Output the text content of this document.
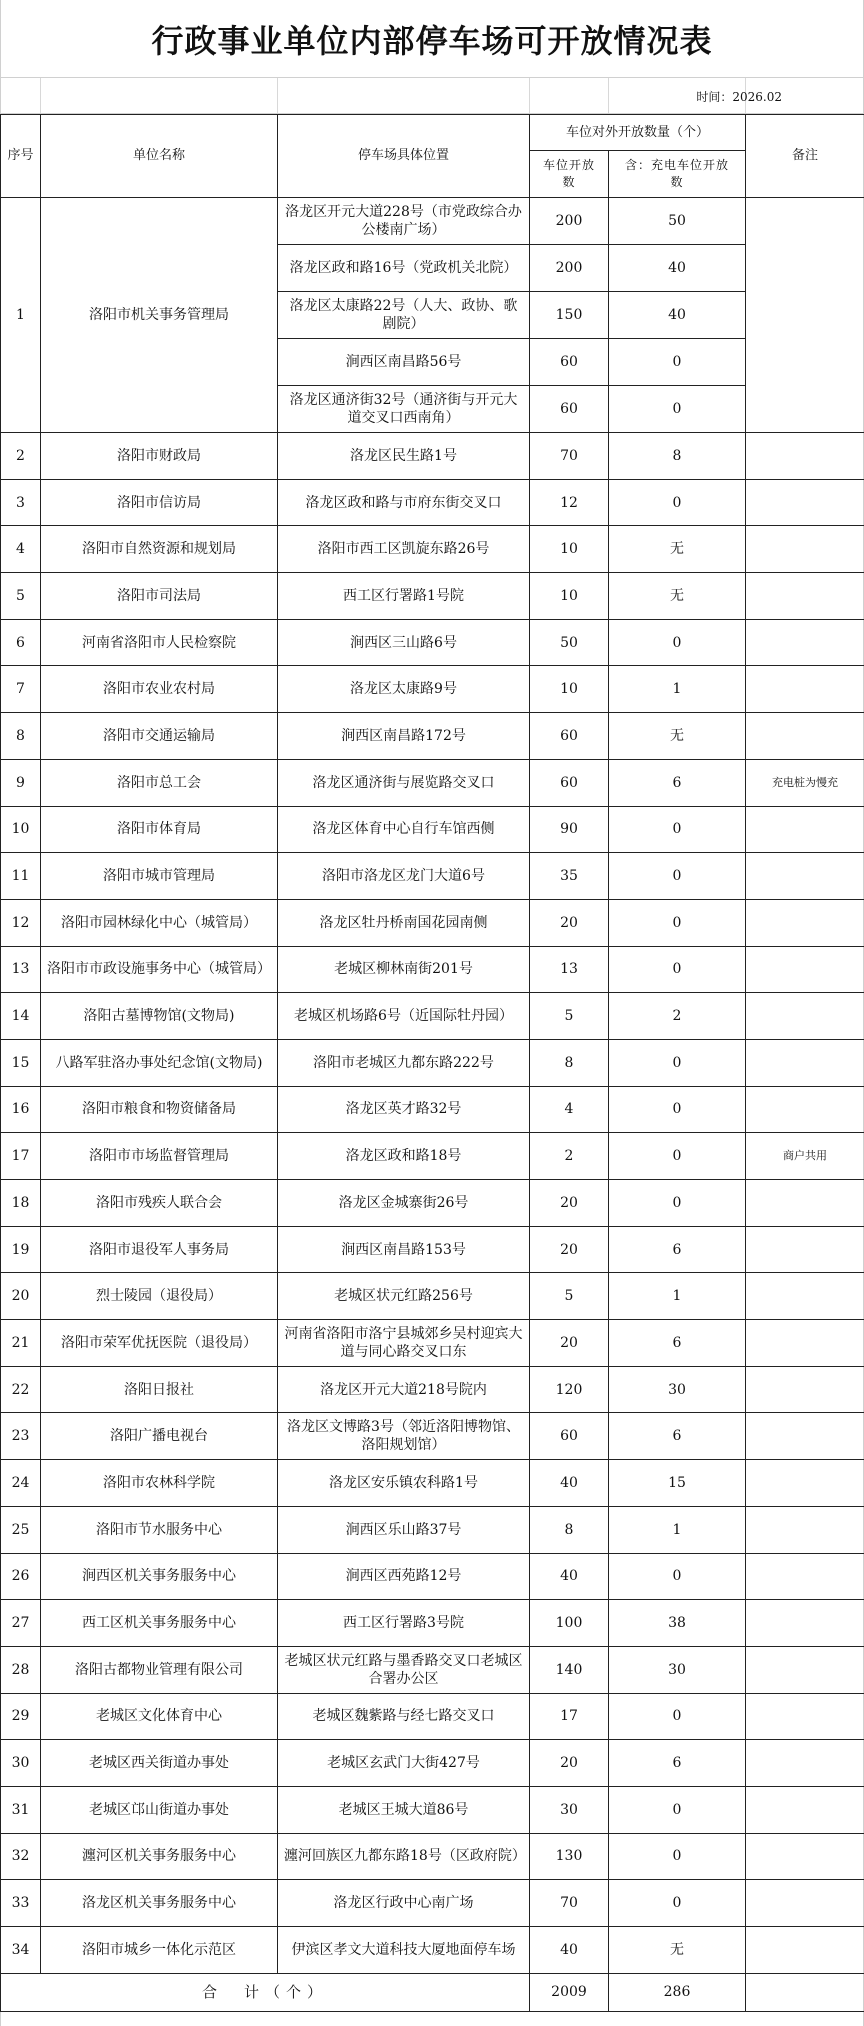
行政事业单位内部停车场可开放情况表
时间：2026.02
序号	单位名称	停车场具体位置	车位对外开放数量（个）		备注
			车位开放数	含：充电车位开放数	
1	洛阳市机关事务管理局	洛龙区开元大道228号（市党政综合办公楼南广场）	200	50	
		洛龙区政和路16号（党政机关北院）	200	40	
		洛龙区太康路22号（人大、政协、歌剧院）	150	40	
		涧西区南昌路56号	60	0	
		洛龙区通济街32号（通济街与开元大道交叉口西南角）	60	0	
2	洛阳市财政局	洛龙区民生路1号	70	8	
3	洛阳市信访局	洛龙区政和路与市府东街交叉口	12	0	
4	洛阳市自然资源和规划局	洛阳市西工区凯旋东路26号	10	无	
5	洛阳市司法局	西工区行署路1号院	10	无	
6	河南省洛阳市人民检察院	涧西区三山路6号	50	0	
7	洛阳市农业农村局	洛龙区太康路9号	10	1	
8	洛阳市交通运输局	涧西区南昌路172号	60	无	
9	洛阳市总工会	洛龙区通济街与展览路交叉口	60	6	充电桩为慢充
10	洛阳市体育局	洛龙区体育中心自行车馆西侧	90	0	
11	洛阳市城市管理局	洛阳市洛龙区龙门大道6号	35	0	
12	洛阳市园林绿化中心（城管局）	洛龙区牡丹桥南国花园南侧	20	0	
13	洛阳市市政设施事务中心（城管局）	老城区柳林南街201号	13	0	
14	洛阳古墓博物馆(文物局)	老城区机场路6号（近国际牡丹园）	5	2	
15	八路军驻洛办事处纪念馆(文物局)	洛阳市老城区九都东路222号	8	0	
16	洛阳市粮食和物资储备局	洛龙区英才路32号	4	0	
17	洛阳市市场监督管理局	洛龙区政和路18号	2	0	商户共用
18	洛阳市残疾人联合会	洛龙区金城寨街26号	20	0	
19	洛阳市退役军人事务局	涧西区南昌路153号	20	6	
20	烈士陵园（退役局）	老城区状元红路256号	5	1	
21	洛阳市荣军优抚医院（退役局）	河南省洛阳市洛宁县城郊乡吴村迎宾大道与同心路交叉口东	20	6	
22	洛阳日报社	洛龙区开元大道218号院内	120	30	
23	洛阳广播电视台	洛龙区文博路3号（邻近洛阳博物馆、洛阳规划馆）	60	6	
24	洛阳市农林科学院	洛龙区安乐镇农科路1号	40	15	
25	洛阳市节水服务中心	涧西区乐山路37号	8	1	
26	涧西区机关事务服务中心	涧西区西苑路12号	40	0	
27	西工区机关事务服务中心	西工区行署路3号院	100	38	
28	洛阳古都物业管理有限公司	老城区状元红路与墨香路交叉口老城区合署办公区	140	30	
29	老城区文化体育中心	老城区魏紫路与经七路交叉口	17	0	
30	老城区西关街道办事处	老城区玄武门大街427号	20	6	
31	老城区邙山街道办事处	老城区王城大道86号	30	0	
32	瀍河区机关事务服务中心	瀍河回族区九都东路18号（区政府院）	130	0	
33	洛龙区机关事务服务中心	洛龙区行政中心南广场	70	0	
34	洛阳市城乡一体化示范区	伊滨区孝文大道科技大厦地面停车场	40	无	
合　计（个）			2009	286	
